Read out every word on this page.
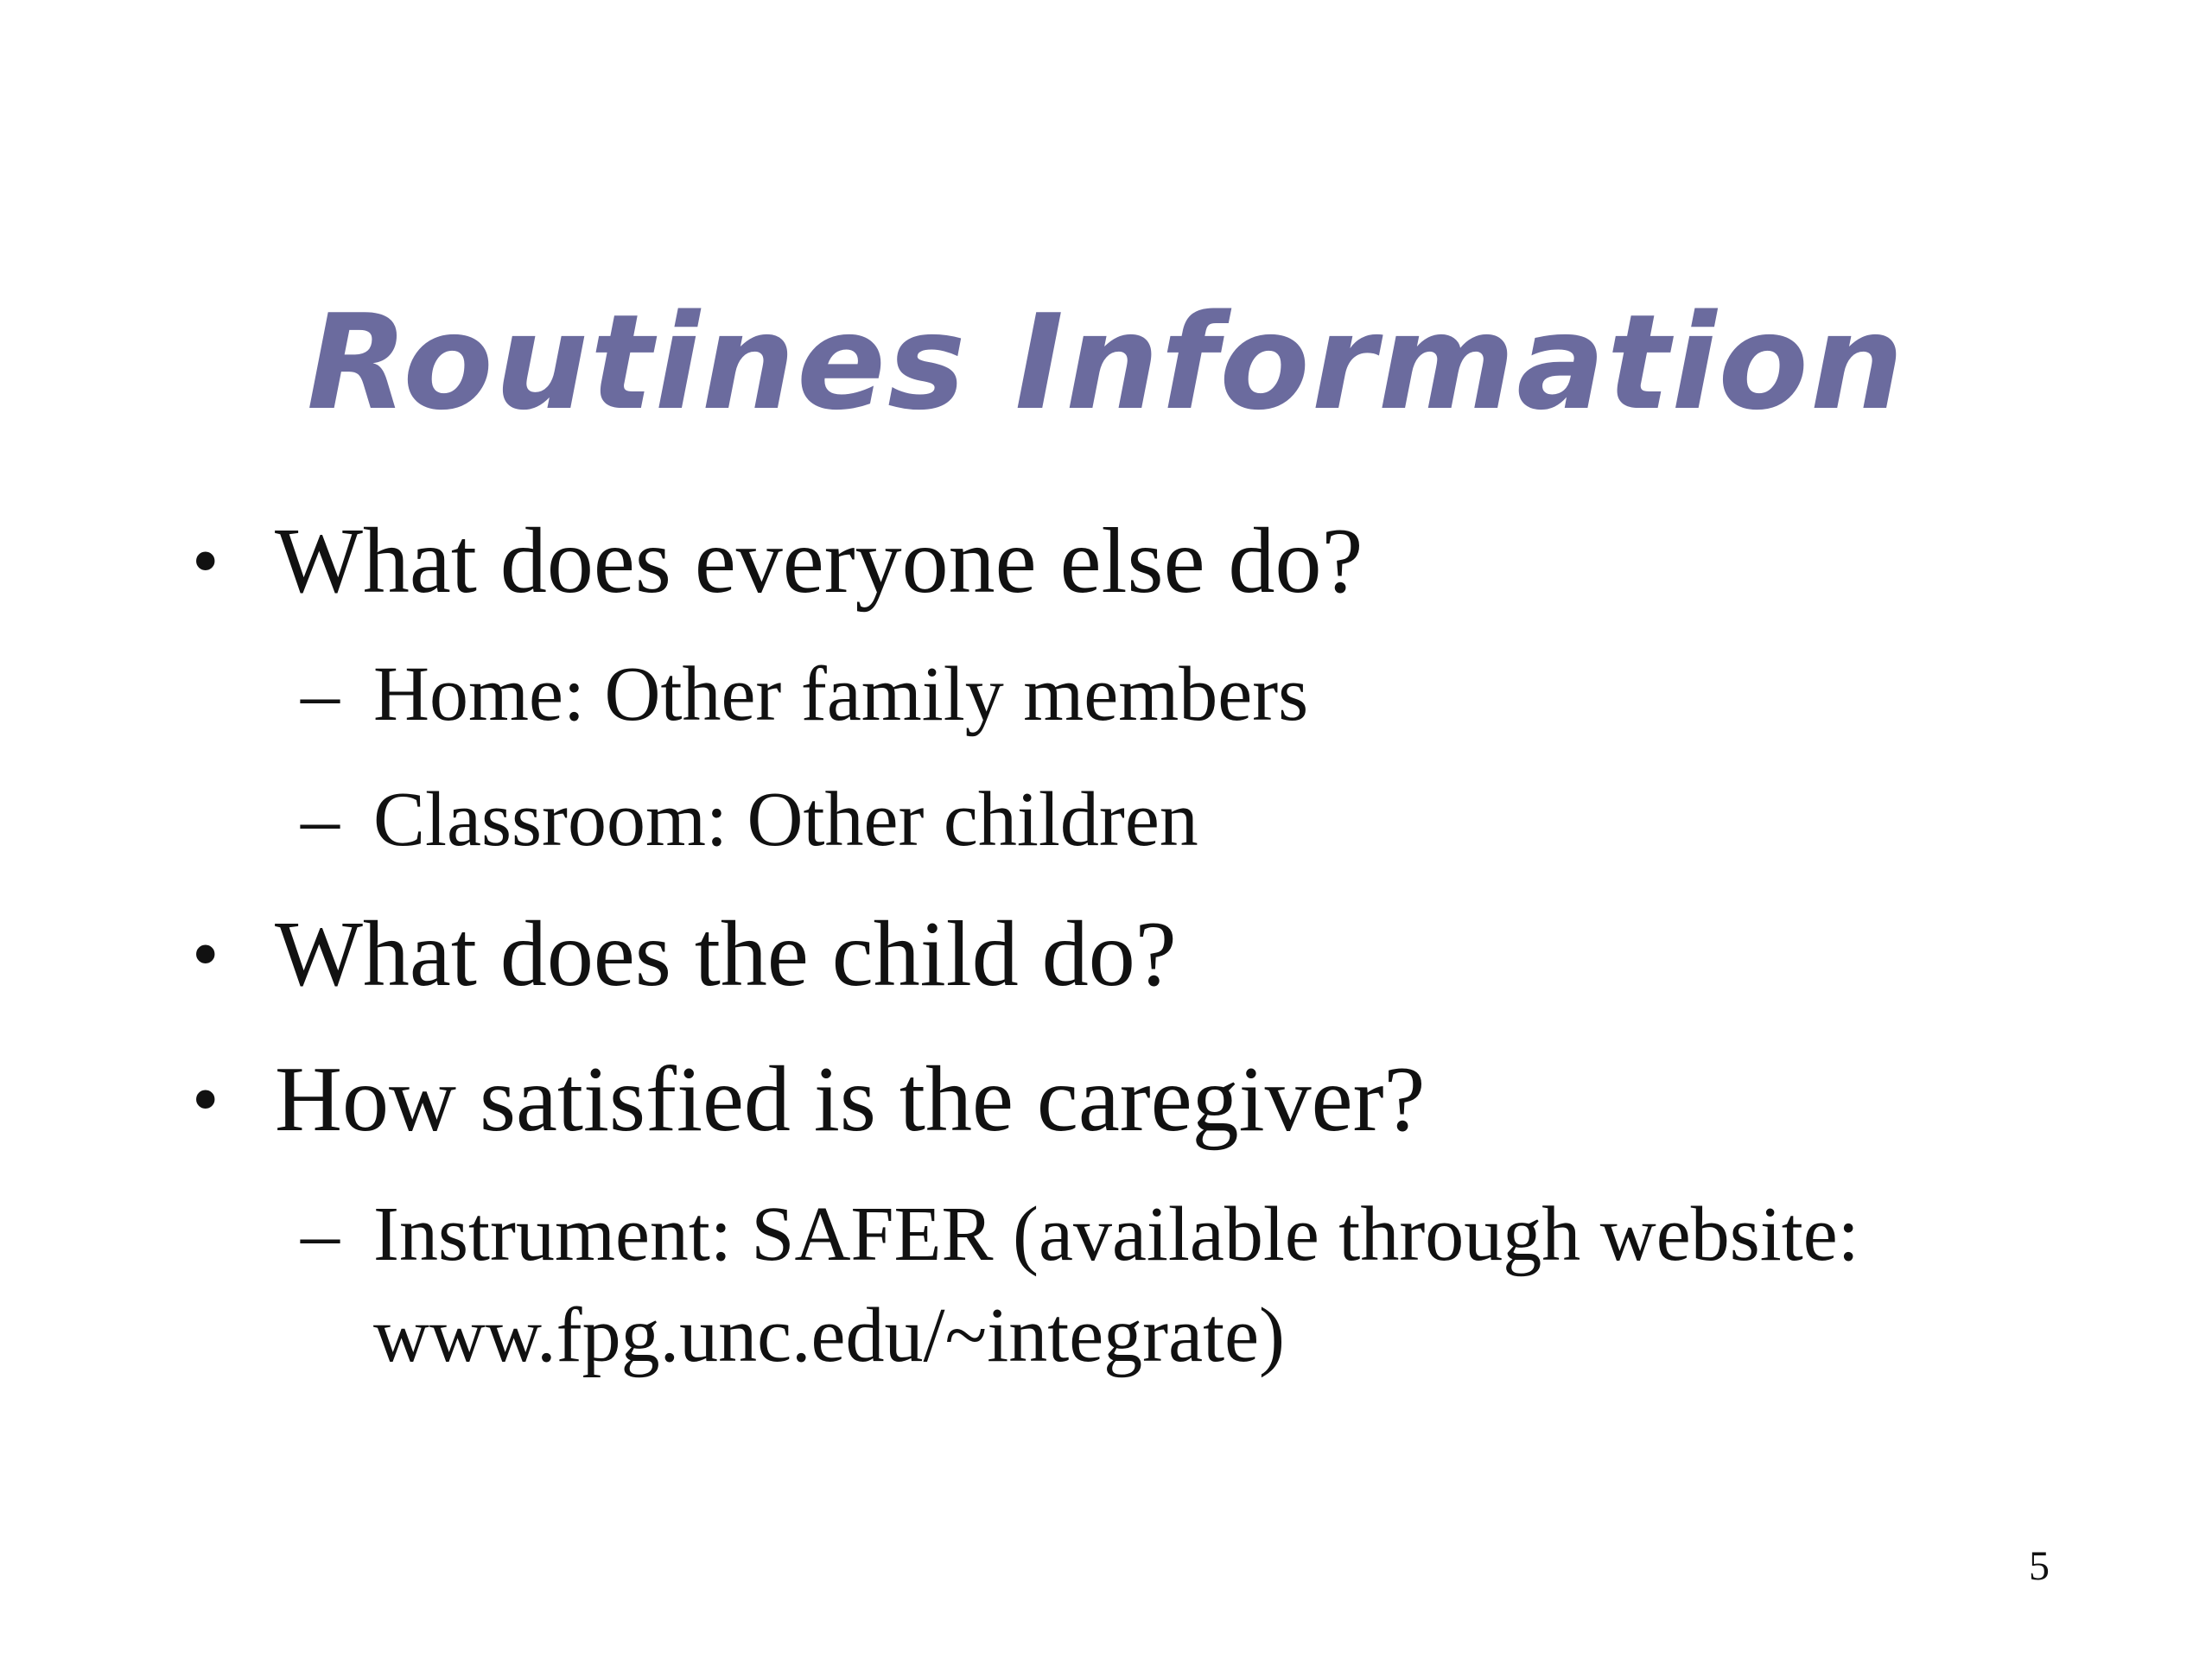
Routines Information
• What does everyone else do?
– Home: Other family members
– Classroom: Other children
• What does the child do?
• How satisfied is the caregiver?
– Instrument: SAFER (available through website:
www.fpg.unc.edu/~integrate)
5
